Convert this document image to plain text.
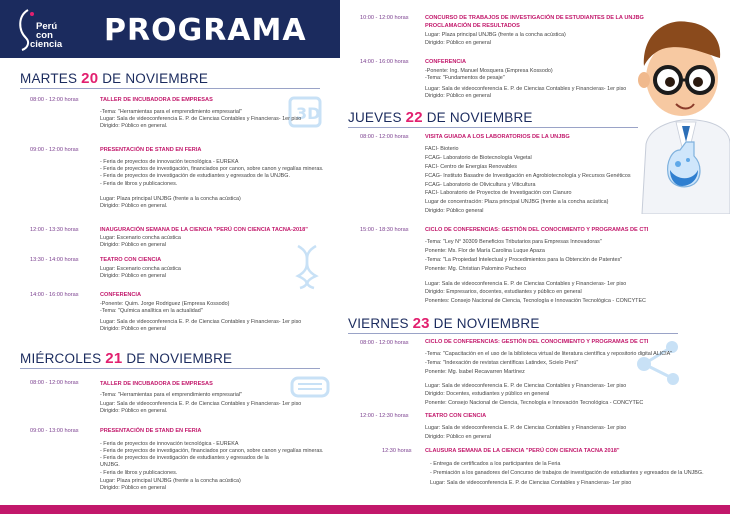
Perú
con
ciencia PROGRAMA
3D
MARTES 20 DE NOVIEMBRE
08:00 - 12:00 horas	TALLER DE INCUBADORA DE EMPRESAS
-Tema: "Herramientas para el emprendimiento empresarial"
Lugar: Sala de videoconferencia E. P. de Ciencias Contables y Financieras- 1er piso
Dirigido: Público en general.
09:00 - 12:00 horas	PRESENTACIÓN DE STAND EN FERIA
- Feria de proyectos de innovación tecnológica - EUREKA
- Feria de proyectos de investigación, financiados por canon, sobre canon y regalías mineras.
- Feria de proyectos de investigación de estudiantes y egresados de la UNJBG.
- Feria de libros y publicaciones.
Lugar: Plaza principal UNJBG (frente a la concha acústica)
Dirigido: Público en general.
12:00 - 13:30 horas	INAUGURACIÓN SEMANA DE LA CIENCIA "PERÚ CON CIENCIA TACNA-2018"
Lugar: Escenario concha acústica
Dirigido: Público en general
13:30 - 14:00 horas	TEATRO CON CIENCIA
Lugar: Escenario concha acústica
Dirigido: Público en general
14:00 - 16:00 horas	CONFERENCIA
-Ponente: Quim. Jorge Rodriguez (Empresa Kossodo)
-Tema: "Química analítica en la actualidad"
Lugar: Sala de videoconferencia E. P. de Ciencias Contables y Financieras- 1er piso
Dirigido: Público en general
MIÉRCOLES 21 DE NOVIEMBRE
08:00 - 12:00 horas	TALLER DE INCUBADORA DE EMPRESAS
-Tema: "Herramientas para el emprendimiento empresarial"
Lugar: Sala de videoconferencia E. P. de Ciencias Contables y Financieras- 1er piso
Dirigido: Público en general.
09:00 - 13:00 horas	PRESENTACIÓN DE STAND EN FERIA
- Feria de proyectos de innovación tecnológica - EUREKA
- Feria de proyectos de investigación, financiados por canon, sobre canon y regalías mineras.
- Feria de proyectos de investigación de estudiantes y egresados de la
UNJBG.
- Feria de libros y publicaciones.
Lugar: Plaza principal UNJBG (frente a la concha acústica)
Dirigido: Público en general
10:00 - 12:00 horas	CONCURSO DE TRABAJOS DE INVESTIGACIÓN DE ESTUDIANTES DE LA UNJBG
PROCLAMACIÓN DE RESULTADOS
Lugar: Plaza principal UNJBG (frente a la concha acústica)
Dirigido: Público en general
14:00 - 16:00 horas	CONFERENCIA
-Ponente: Ing. Manuel Mosquera (Empresa Kossodo)
-Tema: "Fundamentos de pesaje"
Lugar: Sala de videoconferencia E. P. de Ciencias Contables y Financieras- 1er piso
Dirigido: Público en general
JUEVES 22 DE NOVIEMBRE
08:00 - 12:00 horas	VISITA GUIADA A LOS LABORATORIOS DE LA UNJBG
FACI- Bioterio
FCAG- Laboratorio de Biotecnología Vegetal
FACI- Centro de Energías Renovables
FCAG- Instituto Basadre de Investigación en Agrobiotecnología y Recursos Genéticos
FCAG- Laboratorio de Olivicultura y Viticultura
FACI- Laboratorio de Proyectos de Investigación con Cianuro
Lugar de concentración: Plaza principal UNJBG (frente a la concha acústica)
Dirigido: Público general
15:00 - 18:30 horas	CICLO DE CONFERENCIAS: GESTIÓN DEL CONOCIMIENTO Y PROGRAMAS DE CTI
-Tema: "Ley N° 30309 Beneficios Tributarios para Empresas Innovadoras"
Ponente: Ms. Flor de María Carolina Luque Apaza
-Tema: "La Propiedad Intelectual y Procedimientos para la Obtención de Patentes"
Ponente: Mg. Christian Palomino Pacheco
Lugar: Sala de videoconferencia E. P. de Ciencias Contables y Financieras- 1er piso
Dirigido: Empresarios, docentes, estudiantes y público en general
Ponentes: Consejo Nacional de Ciencia, Tecnología e Innovación Tecnológica - CONCYTEC
VIERNES 23 DE NOVIEMBRE
08:00 - 12:00 horas	CICLO DE CONFERENCIAS: GESTIÓN DEL CONOCIMIENTO Y PROGRAMAS DE CTI
-Tema: "Capacitación en el uso de la biblioteca virtual de literatura científica y repositorio digital ALICIA"
-Tema: "Indexación de revistas científicas Latindex, Scielo Perú"
Ponente: Mg. Isabel Recavarren Martínez
Lugar: Sala de videoconferencia E. P. de Ciencias Contables y Financieras- 1er piso
Dirigido: Docentes, estudiantes y público en general
Ponente: Consejo Nacional de Ciencia, Tecnología e Innovación Tecnológica - CONCYTEC
12:00 - 12:30 horas	TEATRO CON CIENCIA
Lugar: Sala de videoconferencia E. P. de Ciencias Contables y Financieras- 1er piso
Dirigido: Público en general
12:30 horas CLAUSURA SEMANA DE LA CIENCIA "PERÚ CON CIENCIA TACNA 2018"
- Entrega de certificados a los participantes de la Feria
- Premiación a los ganadores del Concurso de trabajos de investigación de estudiantes y egresados de la UNJBG.
Lugar: Sala de videoconferencia E. P. de Ciencias Contables y Financieras- 1er piso
